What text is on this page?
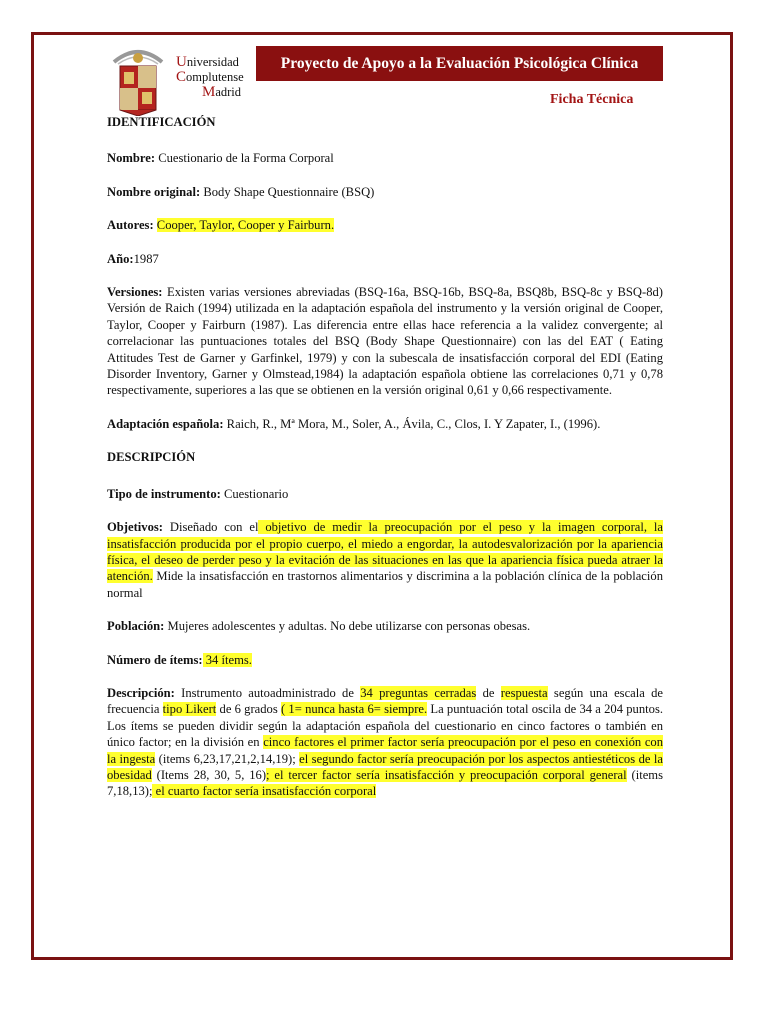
Universidad
Complutense
Madrid
Proyecto de Apoyo a la Evaluación Psicológica Clínica
Ficha Técnica

IDENTIFICACIÓN

Nombre: Cuestionario de la Forma Corporal

Nombre original: Body Shape Questionnaire (BSQ)

Autores: Cooper, Taylor, Cooper y Fairburn.

Año:1987

Versiones: Existen varias versiones abreviadas (BSQ-16a, BSQ-16b, BSQ-8a, BSQ8b, BSQ-8c y BSQ-8d) Versión de Raich (1994) utilizada en la adaptación española del instrumento y la versión original de Cooper, Taylor, Cooper y Fairburn (1987). Las diferencia entre ellas hace referencia a la validez convergente; al correlacionar las puntuaciones totales del BSQ (Body Shape Questionnaire) con las del EAT ( Eating Attitudes Test de Garner y Garfinkel, 1979) y con la subescala de insatisfacción corporal del EDI (Eating Disorder Inventory, Garner y Olmstead,1984) la adaptación española obtiene las correlaciones 0,71 y 0,78 respectivamente, superiores a las que se obtienen en la versión original 0,61 y 0,66 respectivamente.

Adaptación española: Raich, R., Mª Mora, M., Soler, A., Ávila, C., Clos, I. Y Zapater, I., (1996).

DESCRIPCIÓN

Tipo de instrumento: Cuestionario

Objetivos: Diseñado con el objetivo de medir la preocupación por el peso y la imagen corporal, la insatisfacción producida por el propio cuerpo, el miedo a engordar, la autodesvalorización por la apariencia física, el deseo de perder peso y la evitación de las situaciones en las que la apariencia física pueda atraer la atención. Mide la insatisfacción en trastornos alimentarios y discrimina a la población clínica de la población normal

Población: Mujeres adolescentes y adultas. No debe utilizarse con personas obesas.

Número de ítems: 34 ítems.

Descripción: Instrumento autoadministrado de 34 preguntas cerradas de respuesta según una escala de frecuencia tipo Likert de 6 grados ( 1= nunca hasta 6= siempre. La puntuación total oscila de 34 a 204 puntos. Los ítems se pueden dividir según la adaptación española del cuestionario en cinco factores o también en único factor; en la división en cinco factores el primer factor sería preocupación por el peso en conexión con la ingesta (items 6,23,17,21,2,14,19); el segundo factor sería preocupación por los aspectos antiestéticos de la obesidad (Items 28, 30, 5, 16); el tercer factor sería insatisfacción y preocupación corporal general (items 7,18,13); el cuarto factor sería insatisfacción corporal
